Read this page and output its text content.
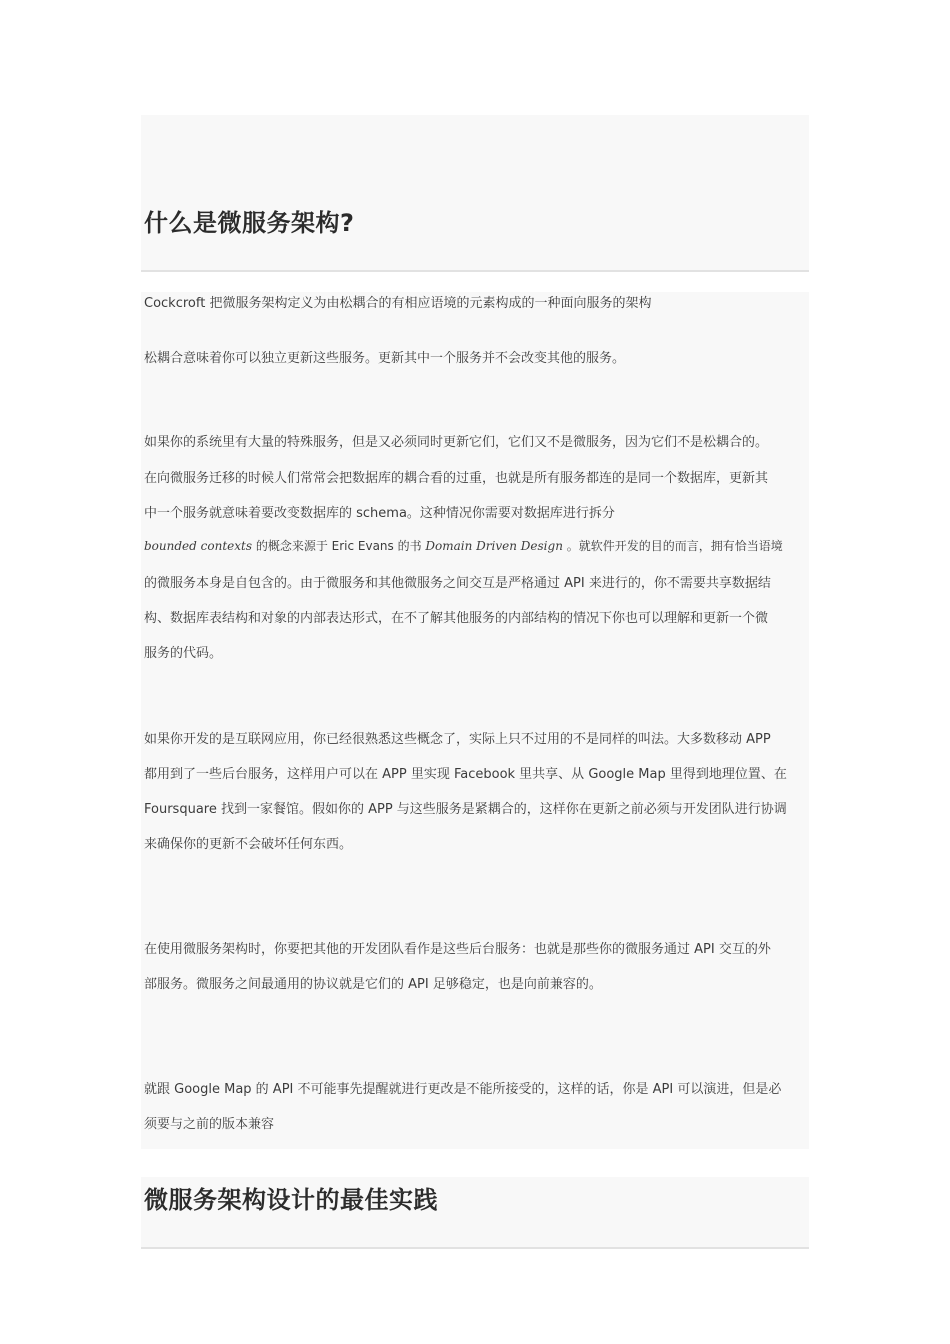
什么是微服务架构?
Cockcroft 把微服务架构定义为由松耦合的有相应语境的元素构成的一种面向服务的架构
松耦合意味着你可以独立更新这些服务。更新其中一个服务并不会改变其他的服务。
如果你的系统里有大量的特殊服务，但是又必须同时更新它们，它们又不是微服务，因为它们不是松耦合的。
在向微服务迁移的时候人们常常会把数据库的耦合看的过重，也就是所有服务都连的是同一个数据库，更新其
中一个服务就意味着要改变数据库的 schema。这种情况你需要对数据库进行拆分
bounded contexts 的概念来源于 Eric Evans 的书 Domain Driven Design 。就软件开发的目的而言，拥有恰当语境
的微服务本身是自包含的。由于微服务和其他微服务之间交互是严格通过 API 来进行的，你不需要共享数据结
构、数据库表结构和对象的内部表达形式，在不了解其他服务的内部结构的情况下你也可以理解和更新一个微
服务的代码。
如果你开发的是互联网应用，你已经很熟悉这些概念了，实际上只不过用的不是同样的叫法。大多数移动 APP
都用到了一些后台服务，这样用户可以在 APP 里实现 Facebook 里共享、从 Google Map 里得到地理位置、在
Foursquare 找到一家餐馆。假如你的 APP 与这些服务是紧耦合的，这样你在更新之前必须与开发团队进行协调
来确保你的更新不会破坏任何东西。
在使用微服务架构时，你要把其他的开发团队看作是这些后台服务：也就是那些你的微服务通过 API 交互的外
部服务。微服务之间最通用的协议就是它们的 API 足够稳定，也是向前兼容的。
就跟 Google Map 的 API 不可能事先提醒就进行更改是不能所接受的，这样的话，你是 API 可以演进，但是必
须要与之前的版本兼容
微服务架构设计的最佳实践
